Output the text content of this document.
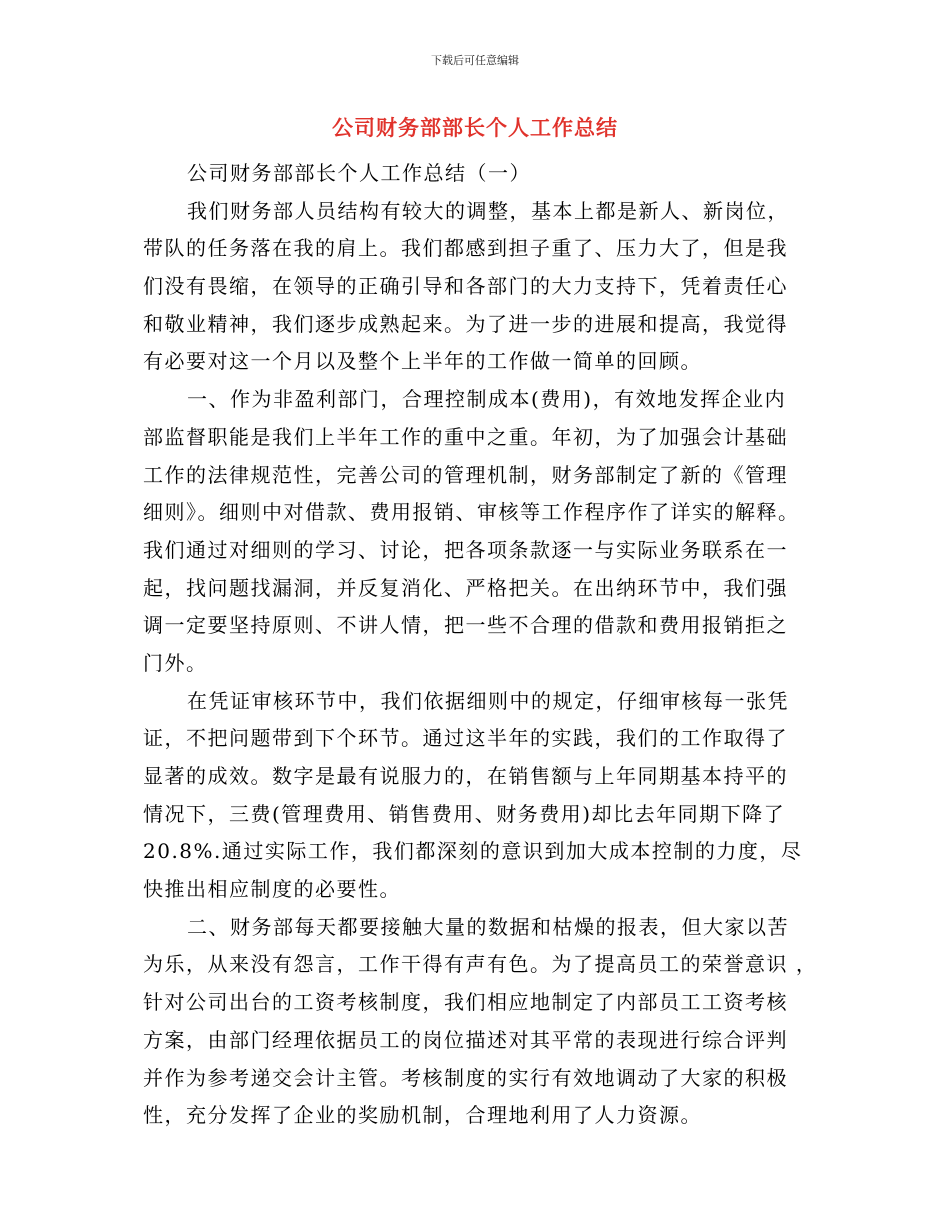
下载后可任意编辑
公司财务部部长个人工作总结
公司财务部部长个人工作总结（一）
我们财务部人员结构有较大的调整，基本上都是新人、新岗位，
带队的任务落在我的肩上。我们都感到担子重了、压力大了，但是我
们没有畏缩，在领导的正确引导和各部门的大力支持下，凭着责任心
和敬业精神，我们逐步成熟起来。为了进一步的进展和提高，我觉得
有必要对这一个月以及整个上半年的工作做一简单的回顾。
一、作为非盈利部门，合理控制成本(费用)，有效地发挥企业内
部监督职能是我们上半年工作的重中之重。年初，为了加强会计基础
工作的法律规范性，完善公司的管理机制，财务部制定了新的《管理
细则》。细则中对借款、费用报销、审核等工作程序作了详实的解释。
我们通过对细则的学习、讨论，把各项条款逐一与实际业务联系在一
起，找问题找漏洞，并反复消化、严格把关。在出纳环节中，我们强
调一定要坚持原则、不讲人情，把一些不合理的借款和费用报销拒之
门外。
在凭证审核环节中，我们依据细则中的规定，仔细审核每一张凭
证，不把问题带到下个环节。通过这半年的实践，我们的工作取得了
显著的成效。数字是最有说服力的，在销售额与上年同期基本持平的
情况下，三费(管理费用、销售费用、财务费用)却比去年同期下降了
20.8%.通过实际工作，我们都深刻的意识到加大成本控制的力度，尽
快推出相应制度的必要性。
二、财务部每天都要接触大量的数据和枯燥的报表，但大家以苦
为乐，从来没有怨言，工作干得有声有色。为了提高员工的荣誉意识 ，
针对公司出台的工资考核制度，我们相应地制定了内部员工工资考核
方案，由部门经理依据员工的岗位描述对其平常的表现进行综合评判
并作为参考递交会计主管。考核制度的实行有效地调动了大家的积极
性，充分发挥了企业的奖励机制，合理地利用了人力资源。
